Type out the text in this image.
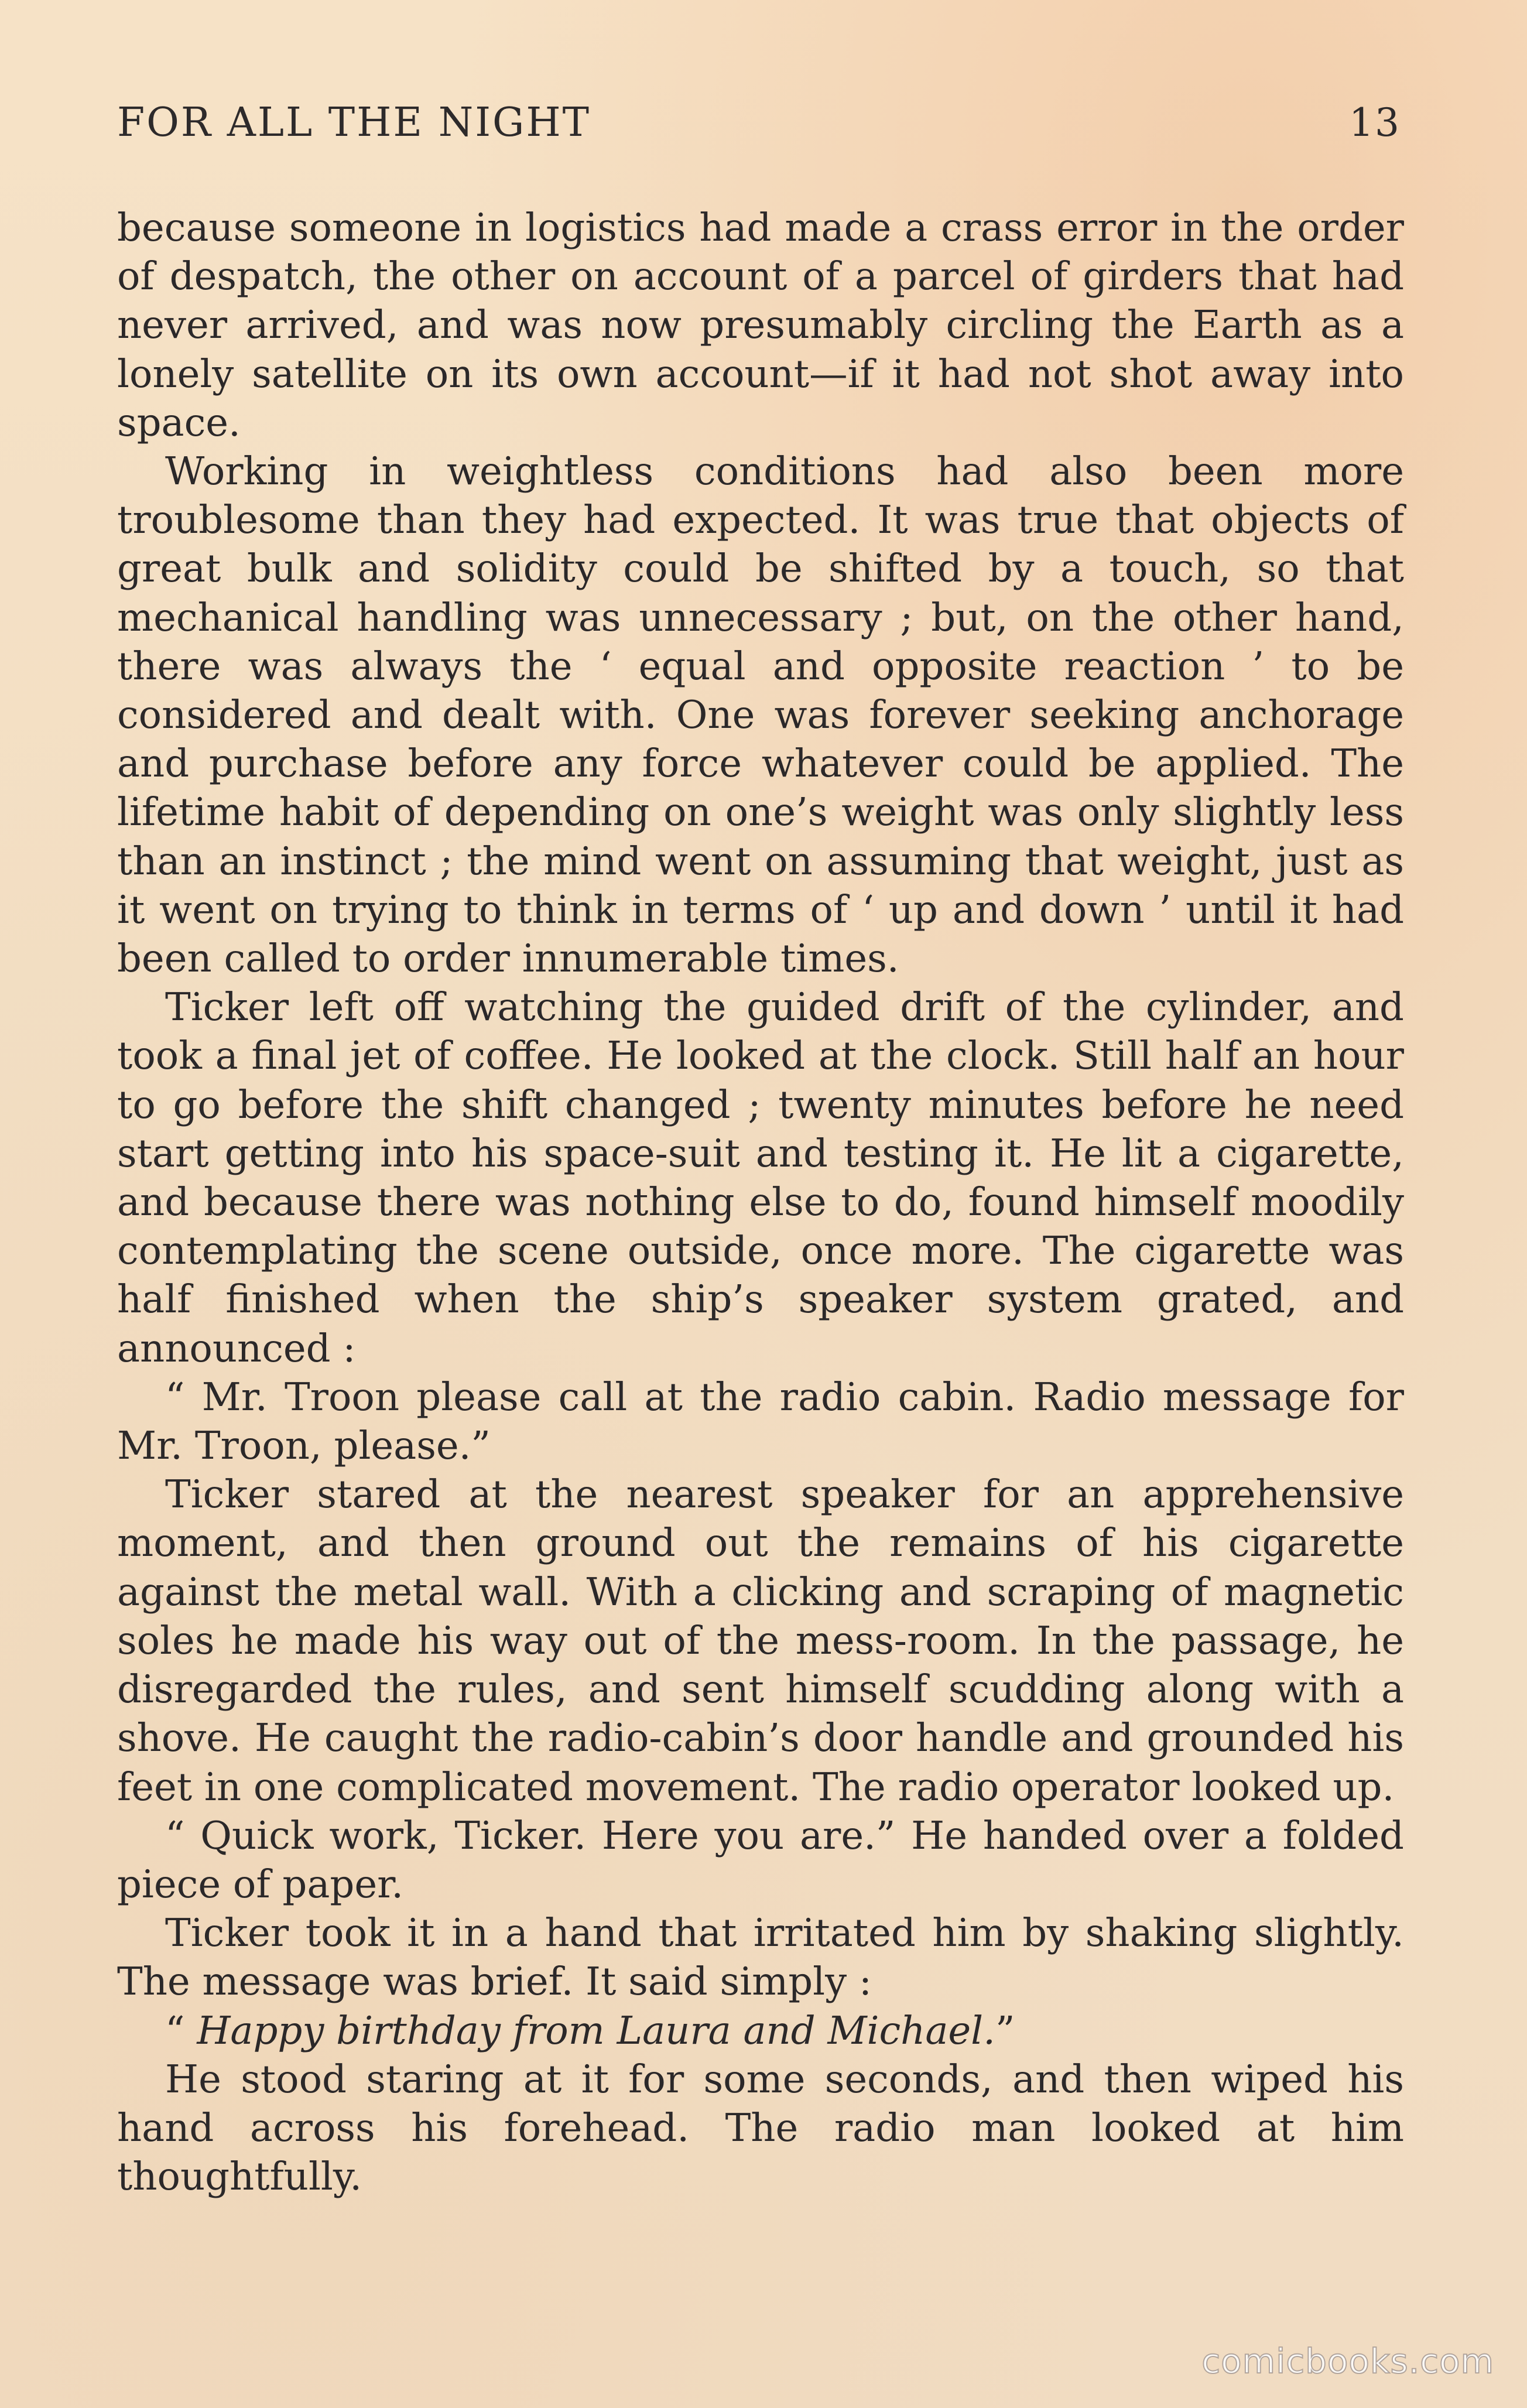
FOR ALL THE NIGHT	13

because someone in logistics had made a crass error in the order of despatch, the other on account of a parcel of girders that had never arrived, and was now presumably circling the Earth as a lonely satellite on its own account—if it had not shot away into space.

Working in weightless conditions had also been more troublesome than they had expected. It was true that objects of great bulk and solidity could be shifted by a touch, so that mechanical handling was unnecessary ; but, on the other hand, there was always the ‘ equal and opposite reaction ’ to be considered and dealt with. One was forever seeking anchorage and purchase before any force whatever could be applied. The lifetime habit of depending on one’s weight was only slightly less than an instinct ; the mind went on assuming that weight, just as it went on trying to think in terms of ‘ up and down ’ until it had been called to order innumerable times.

Ticker left off watching the guided drift of the cylinder, and took a final jet of coffee. He looked at the clock. Still half an hour to go before the shift changed ; twenty minutes before he need start getting into his space-suit and testing it. He lit a cigarette, and because there was nothing else to do, found himself moodily contemplating the scene outside, once more. The cigarette was half finished when the ship’s speaker system grated, and announced :

“ Mr. Troon please call at the radio cabin. Radio message for Mr. Troon, please.”

Ticker stared at the nearest speaker for an apprehensive moment, and then ground out the remains of his cigarette against the metal wall. With a clicking and scraping of magnetic soles he made his way out of the mess-room. In the passage, he disregarded the rules, and sent himself scudding along with a shove. He caught the radio-cabin’s door handle and grounded his feet in one complicated movement. The radio operator looked up.

“ Quick work, Ticker. Here you are.” He handed over a folded piece of paper.

Ticker took it in a hand that irritated him by shaking slightly. The message was brief. It said simply :

“ Happy birthday from Laura and Michael.”

He stood staring at it for some seconds, and then wiped his hand across his forehead. The radio man looked at him thoughtfully.

comicbooks.com
